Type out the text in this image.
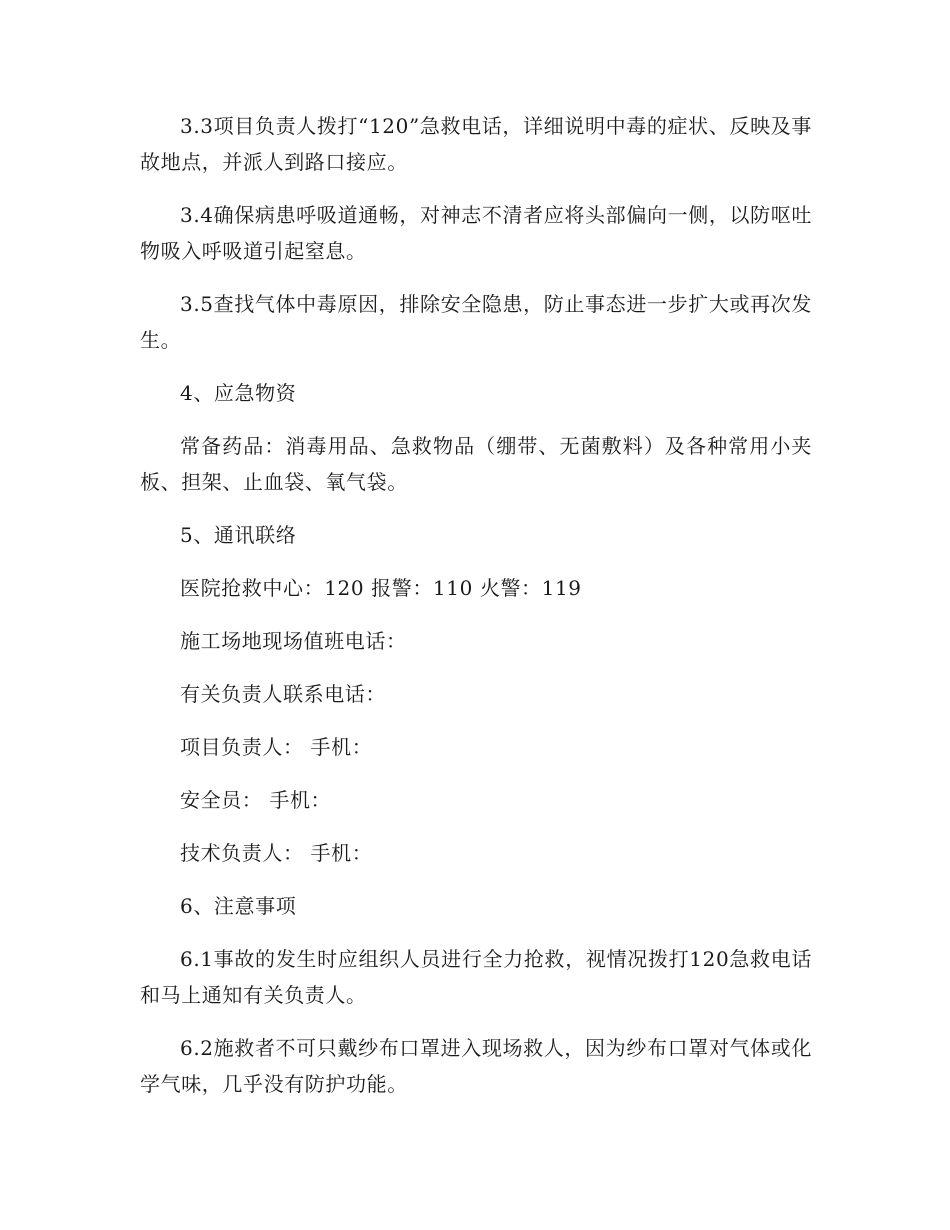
3.3项目负责人拨打“120”急救电话，详细说明中毒的症状、反映及事故地点，并派人到路口接应。

3.4确保病患呼吸道通畅，对神志不清者应将头部偏向一侧，以防呕吐物吸入呼吸道引起窒息。

3.5查找气体中毒原因，排除安全隐患，防止事态进一步扩大或再次发生。

4、应急物资

常备药品：消毒用品、急救物品（绷带、无菌敷料）及各种常用小夹板、担架、止血袋、氧气袋。

5、通讯联络

医院抢救中心：120 报警：110 火警：119

施工场地现场值班电话：

有关负责人联系电话：

项目负责人： 手机：

安全员： 手机：

技术负责人： 手机：

6、注意事项

6.1事故的发生时应组织人员进行全力抢救，视情况拨打120急救电话和马上通知有关负责人。

6.2施救者不可只戴纱布口罩进入现场救人，因为纱布口罩对气体或化学气味，几乎没有防护功能。
